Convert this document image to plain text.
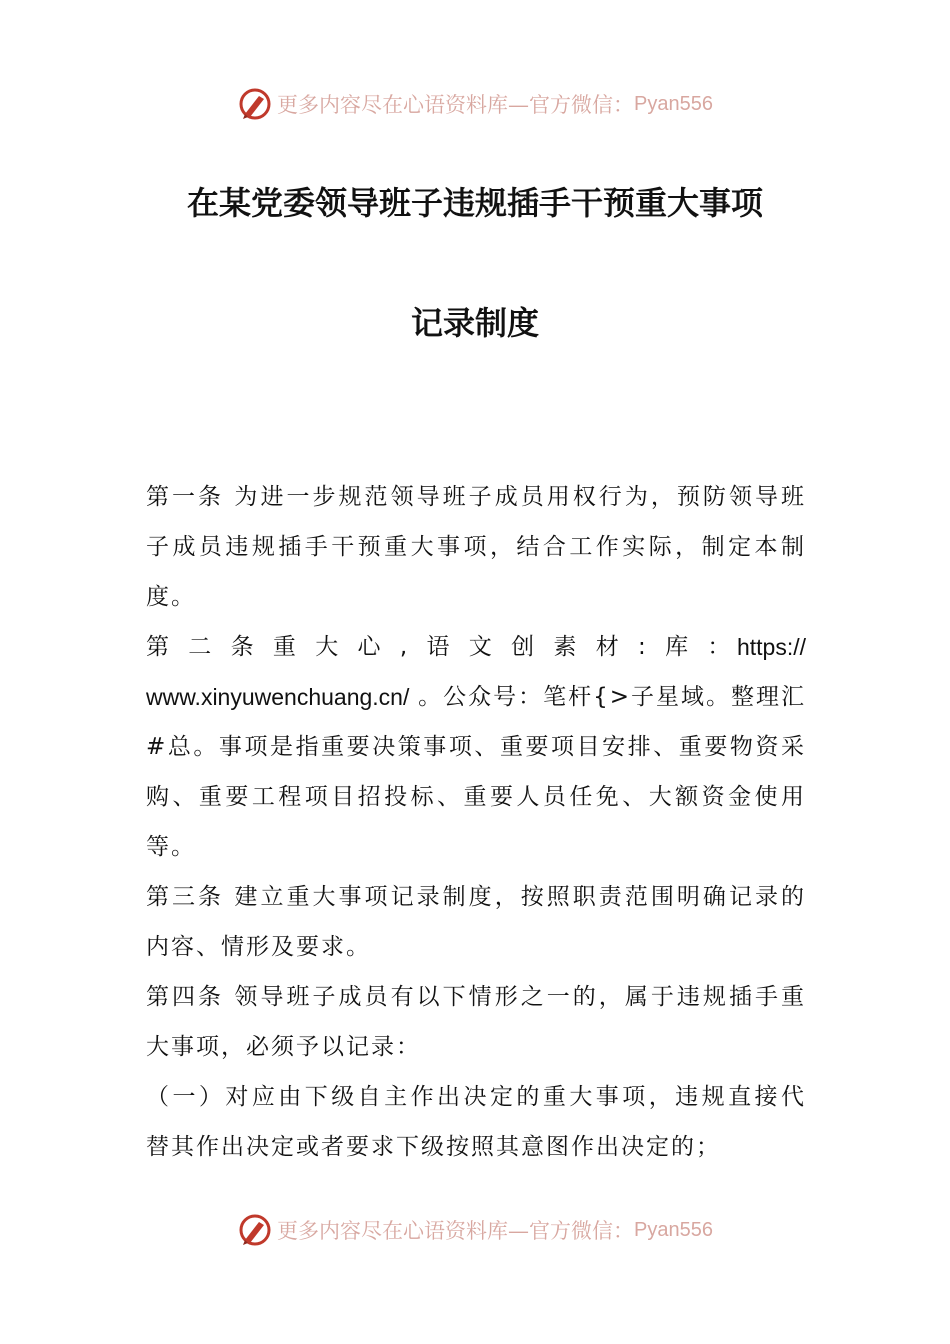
更多内容尽在心语资料库—官方微信： Pyan556
在某党委领导班子违规插手干预重大事项
记录制度

第一条 为进一步规范领导班子成员用权行为，预防领导班
子成员违规插手干预重大事项，结合工作实际，制定本制
度。

第 二 条 重 大 心 , 语 文 创 素 材 : 库 ： https://
www.xinyuwenchuang.cn/ 。公众号：笔杆{>子星域。整理汇
#总。事项是指重要决策事项、重要项目安排、重要物资采
购、重要工程项目招投标、重要人员任免、大额资金使用
等。

第三条 建立重大事项记录制度，按照职责范围明确记录的
内容、情形及要求。

第四条 领导班子成员有以下情形之一的，属于违规插手重
大事项，必须予以记录：

（一）对应由下级自主作出决定的重大事项，违规直接代
替其作出决定或者要求下级按照其意图作出决定的；

更多内容尽在心语资料库—官方微信： Pyan556
